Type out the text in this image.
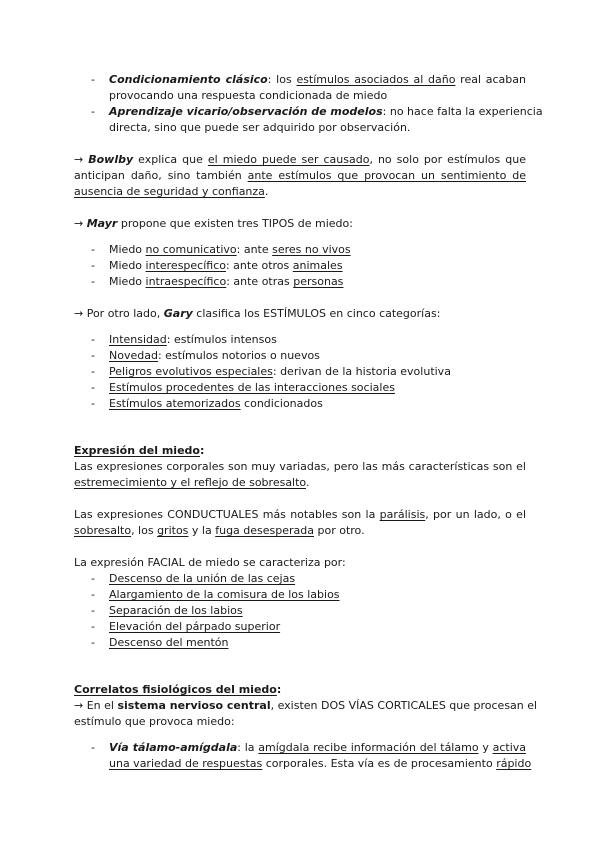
- Condicionamiento clásico: los estímulos asociados al daño real acaban
provocando una respuesta condicionada de miedo
- Aprendizaje vicario/observación de modelos: no hace falta la experiencia
directa, sino que puede ser adquirido por observación.
→ Bowlby explica que el miedo puede ser causado, no solo por estímulos que
anticipan daño, sino también ante estímulos que provocan un sentimiento de
ausencia de seguridad y confianza.
→ Mayr propone que existen tres TIPOS de miedo:
- Miedo no comunicativo: ante seres no vivos
- Miedo interespecífico: ante otros animales
- Miedo intraespecífico: ante otras personas
→ Por otro lado, Gary clasifica los ESTÍMULOS en cinco categorías:
- Intensidad: estímulos intensos
- Novedad: estímulos notorios o nuevos
- Peligros evolutivos especiales: derivan de la historia evolutiva
- Estímulos procedentes de las interacciones sociales
- Estímulos atemorizados condicionados
Expresión del miedo:
Las expresiones corporales son muy variadas, pero las más características son el
estremecimiento y el reflejo de sobresalto.
Las expresiones CONDUCTUALES más notables son la parálisis, por un lado, o el
sobresalto, los gritos y la fuga desesperada por otro.
La expresión FACIAL de miedo se caracteriza por:
- Descenso de la unión de las cejas
- Alargamiento de la comisura de los labios
- Separación de los labios
- Elevación del párpado superior
- Descenso del mentón
Correlatos fisiológicos del miedo:
→ En el sistema nervioso central, existen DOS VÍAS CORTICALES que procesan el
estímulo que provoca miedo:
- Vía tálamo-amígdala: la amígdala recibe información del tálamo y activa
una variedad de respuestas corporales. Esta vía es de procesamiento rápido
